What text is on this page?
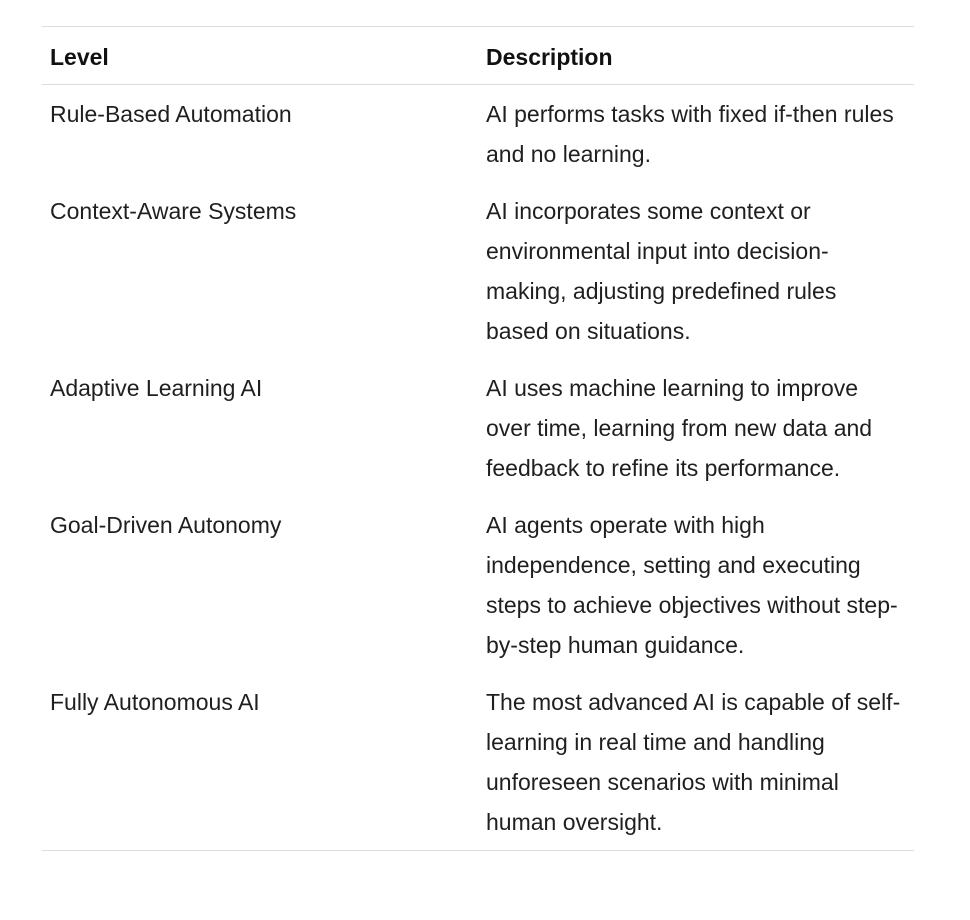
Level	Description
Rule-Based Automation	AI performs tasks with fixed if-then rules and no learning.
Context-Aware Systems	AI incorporates some context or environmental input into decision-making, adjusting predefined rules based on situations.
Adaptive Learning AI	AI uses machine learning to improve over time, learning from new data and feedback to refine its performance.
Goal-Driven Autonomy	AI agents operate with high independence, setting and executing steps to achieve objectives without step-by-step human guidance.
Fully Autonomous AI	The most advanced AI is capable of self-learning in real time and handling unforeseen scenarios with minimal human oversight.
